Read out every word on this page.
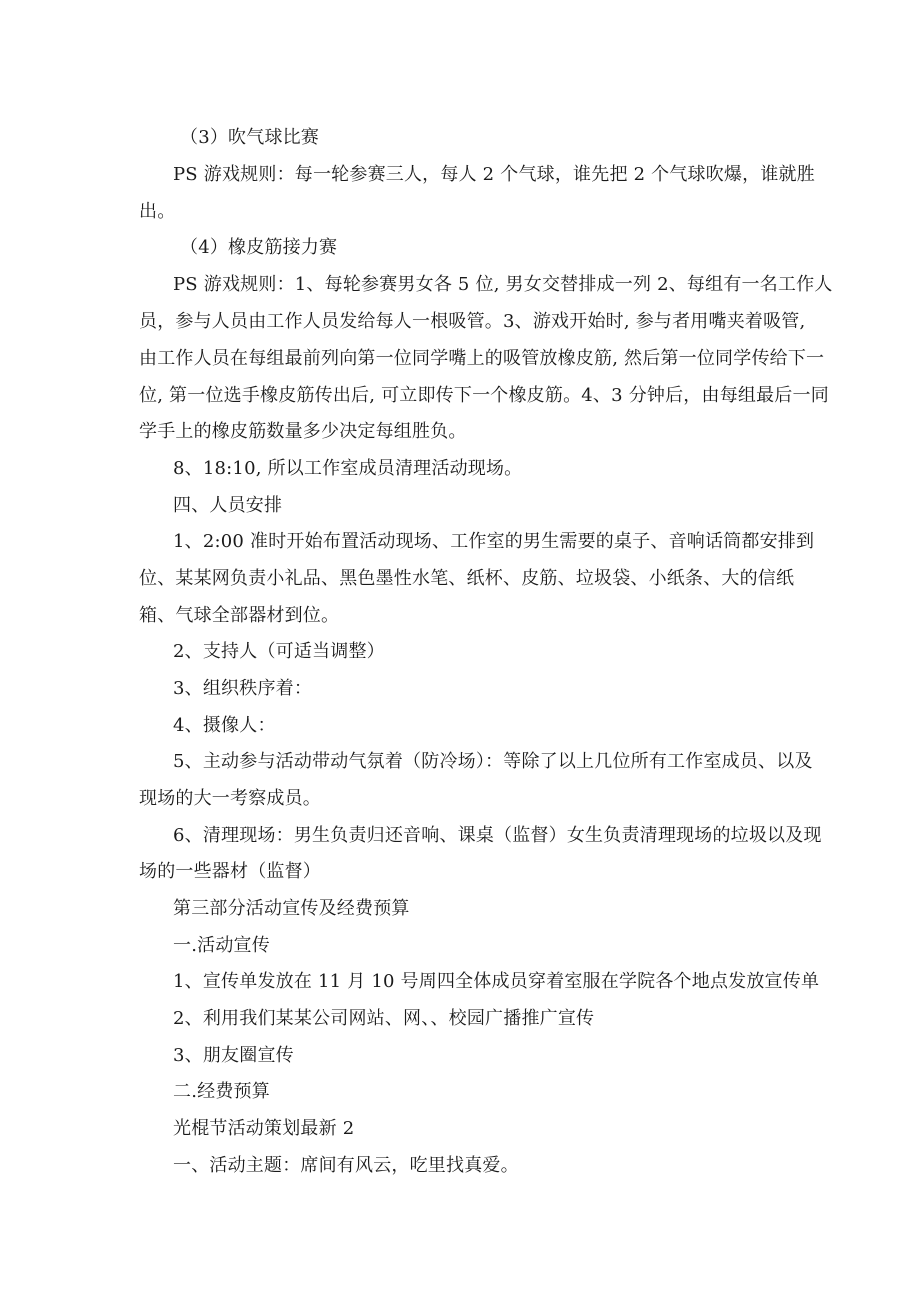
（3）吹气球比赛
PS 游戏规则：每一轮参赛三人，每人 2 个气球，谁先把 2 个气球吹爆，谁就胜
出。
（4）橡皮筋接力赛
PS 游戏规则：1、每轮参赛男女各 5 位, 男女交替排成一列 2、每组有一名工作人
员，参与人员由工作人员发给每人一根吸管。3、游戏开始时, 参与者用嘴夹着吸管,
由工作人员在每组最前列向第一位同学嘴上的吸管放橡皮筋, 然后第一位同学传给下一
位, 第一位选手橡皮筋传出后, 可立即传下一个橡皮筋。4、3 分钟后，由每组最后一同
学手上的橡皮筋数量多少决定每组胜负。
8、18:10, 所以工作室成员清理活动现场。
四、人员安排
1、2:00 准时开始布置活动现场、工作室的男生需要的桌子、音响话筒都安排到
位、某某网负责小礼品、黑色墨性水笔、纸杯、皮筋、垃圾袋、小纸条、大的信纸
箱、气球全部器材到位。
2、支持人（可适当调整）
3、组织秩序着：
4、摄像人：
5、主动参与活动带动气氛着（防冷场）：等除了以上几位所有工作室成员、以及
现场的大一考察成员。
6、清理现场：男生负责归还音响、课桌（监督）女生负责清理现场的垃圾以及现
场的一些器材（监督）
第三部分活动宣传及经费预算
一.活动宣传
1、宣传单发放在 11 月 10 号周四全体成员穿着室服在学院各个地点发放宣传单
2、利用我们某某公司网站、网、、校园广播推广宣传
3、朋友圈宣传
二.经费预算
光棍节活动策划最新 2
一、活动主题：席间有风云，吃里找真爱。
